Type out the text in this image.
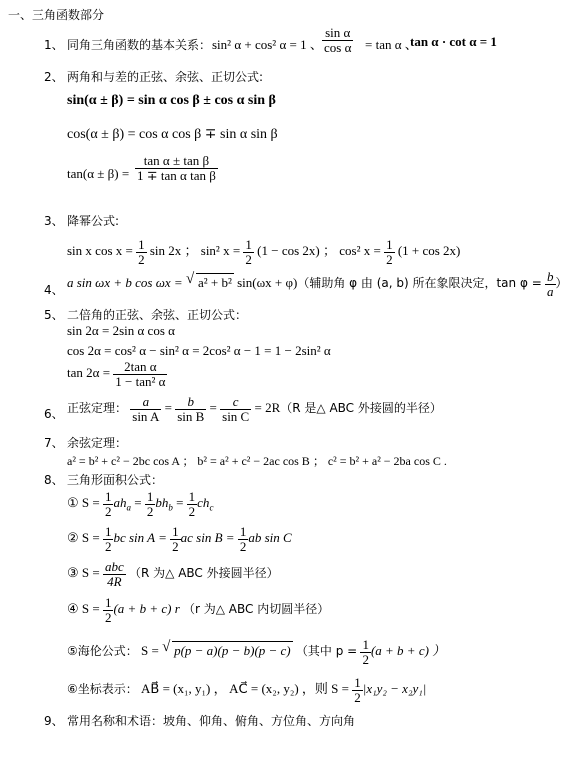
一、三角函数部分
1、 同角三角函数的基本关系： sin² α + cos² α = 1 、 $\frac{\text{sin α}}{\text{cos α}} = \tan \alpha$ 、
tan α · cot α = 1
2、 两角和与差的正弦、余弦、正切公式:
sin(α ± β) = sin α cos β ± cos α sin β
cos(α ± β) = cos α cos β ∓ sin α sin β
$\tan(\alpha \pm \beta) = \frac{\text{tan α ± tan β}}{\text{1 ∓ tan α tan β}}$
3、 降幂公式:
sin x $\cos x = \frac{1}{2}$ sin 2x ； sin² $x = \frac{1}{2} (1 - \cos 2x)$ ； cos² $x = \frac{1}{2} (1 + \cos 2x)$
4、 a sin ωx + b cos ωx = √ a² + b² sin(ωx + φ)（辅助角 φ 由 (a, b) 所在象限决定，$\tan \varphi = \frac{b}{a}$ ）
5、 二倍角的正弦、余弦、正切公式：
sin 2α = 2sin α cos α
cos 2α = cos² α − sin² α = 2cos² α − 1 = 1 − 2sin² α
$\tan 2\alpha = \frac{\text{2tan α}}{\text{1 − tan² α}}$
6、 正弦定理： $\frac{a}{\text{sin A}} = \frac{b}{\text{sin B}} = \frac{c}{\text{sin C}} = 2R(R$ 是△ ABC 外接圆的半径）
7、 余弦定理：
a² = b² + c² − 2bc cos A ； b² = a² + c² − 2ac cos B ； c² = b² + a² − 2ba cos C .
8、 三角形面积公式：
① $S = \frac{1}{2} ah_a = \frac{1}{2} bh_b = \frac{1}{2} ch_c$
② $S = \frac{1}{2}$ bc $\sin A = \frac{1}{2}$ ac $\sin B = \frac{1}{2}$ ab sin C
③ $S = \frac{\text{abc}}{4R} (R$ 为△ ABC 外接圆半径）
④ $S = \frac{1}{2} (a + b + c)$ r （r 为△ ABC 内切圆半径）
⑤海伦公式： S = √ p(p − a)(p − b)(p − c) （其中 $p = \frac{1}{2} (a + b + c)$ ）
⑥坐标表示： AB⃗ = (x₁, y₁) ， AC⃗ = (x₂, y₂) ，则 $S = \frac{1}{2} |x_1y_2 - x_2y_1|$
9、 常用名称和术语：坡角、仰角、俯角、方位角、方向角
